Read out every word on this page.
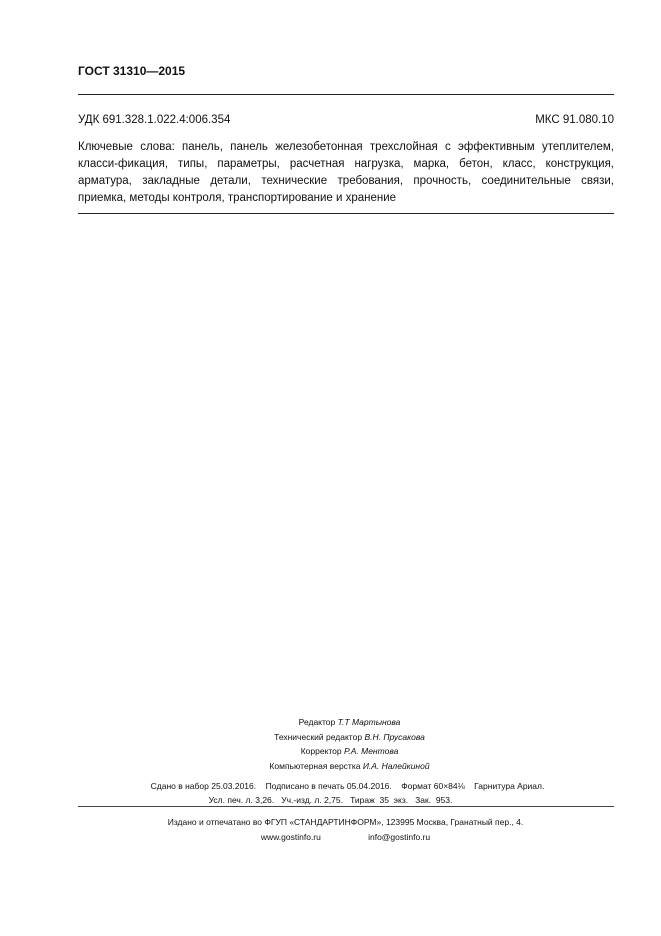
ГОСТ 31310—2015
УДК 691.328.1.022.4:006.354	МКС 91.080.10

Ключевые слова: панель, панель железобетонная трехслойная с эффективным утеплителем, класси-фикация, типы, параметры, расчетная нагрузка, марка, бетон, класс, конструкция, арматура, закладные детали, технические требования, прочность, соединительные связи, приемка, методы контроля, транспортирование и хранение

Редактор Т.Т Мартынова
Технический редактор В.Н. Прусакова
Корректор Р.А. Ментова
Компьютерная верстка И.А. Налейкиной
Сдано в набор 25.03.2016.    Подписано в печать 05.04.2016.    Формат 60×84⅛    Гарнитура Ариал.
Усл. печ. л. 3,26.   Уч.-изд. л. 2,75.   Тираж  35  экз.   Зак.  953.
Издано и отпечатано во ФГУП «СТАНДАРТИНФОРМ», 123995 Москва, Гранатный пер., 4.
www.gostinfo.ru	info@gostinfo.ru
